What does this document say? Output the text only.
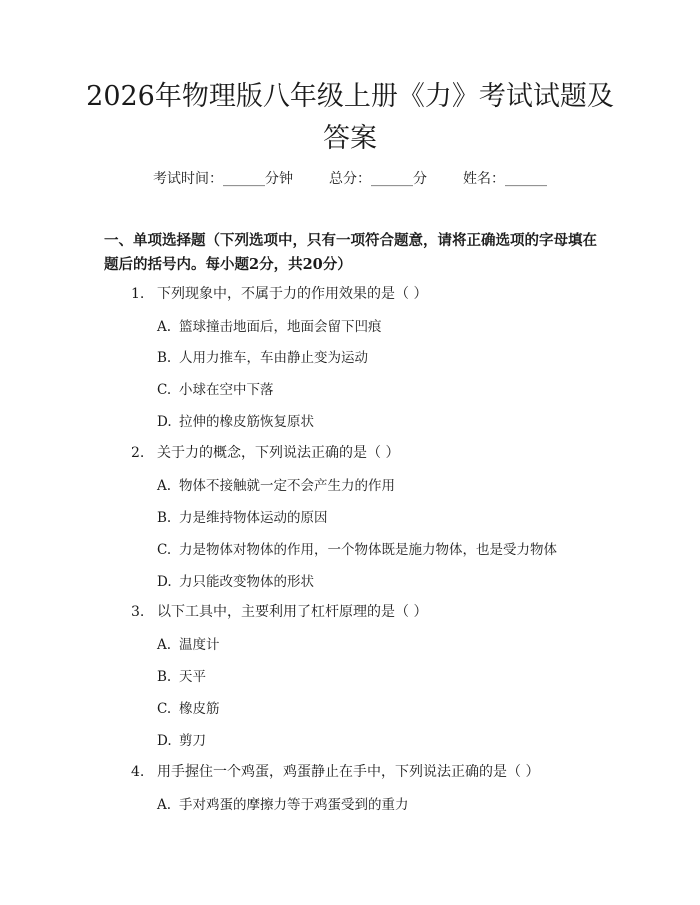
2026年物理版八年级上册《力》考试试题及
答案
考试时间：______分钟	总分：______分	姓名：______
一、单项选择题（下列选项中，只有一项符合题意，请将正确选项的字母填在题后的括号内。每小题2分，共20分）
1. 下列现象中，不属于力的作用效果的是（ ）
A. 篮球撞击地面后，地面会留下凹痕
B. 人用力推车，车由静止变为运动
C. 小球在空中下落
D. 拉伸的橡皮筋恢复原状
2. 关于力的概念，下列说法正确的是（ ）
A. 物体不接触就一定不会产生力的作用
B. 力是维持物体运动的原因
C. 力是物体对物体的作用，一个物体既是施力物体，也是受力物体
D. 力只能改变物体的形状
3. 以下工具中，主要利用了杠杆原理的是（ ）
A. 温度计
B. 天平
C. 橡皮筋
D. 剪刀
4. 用手握住一个鸡蛋，鸡蛋静止在手中，下列说法正确的是（ ）
A. 手对鸡蛋的摩擦力等于鸡蛋受到的重力
